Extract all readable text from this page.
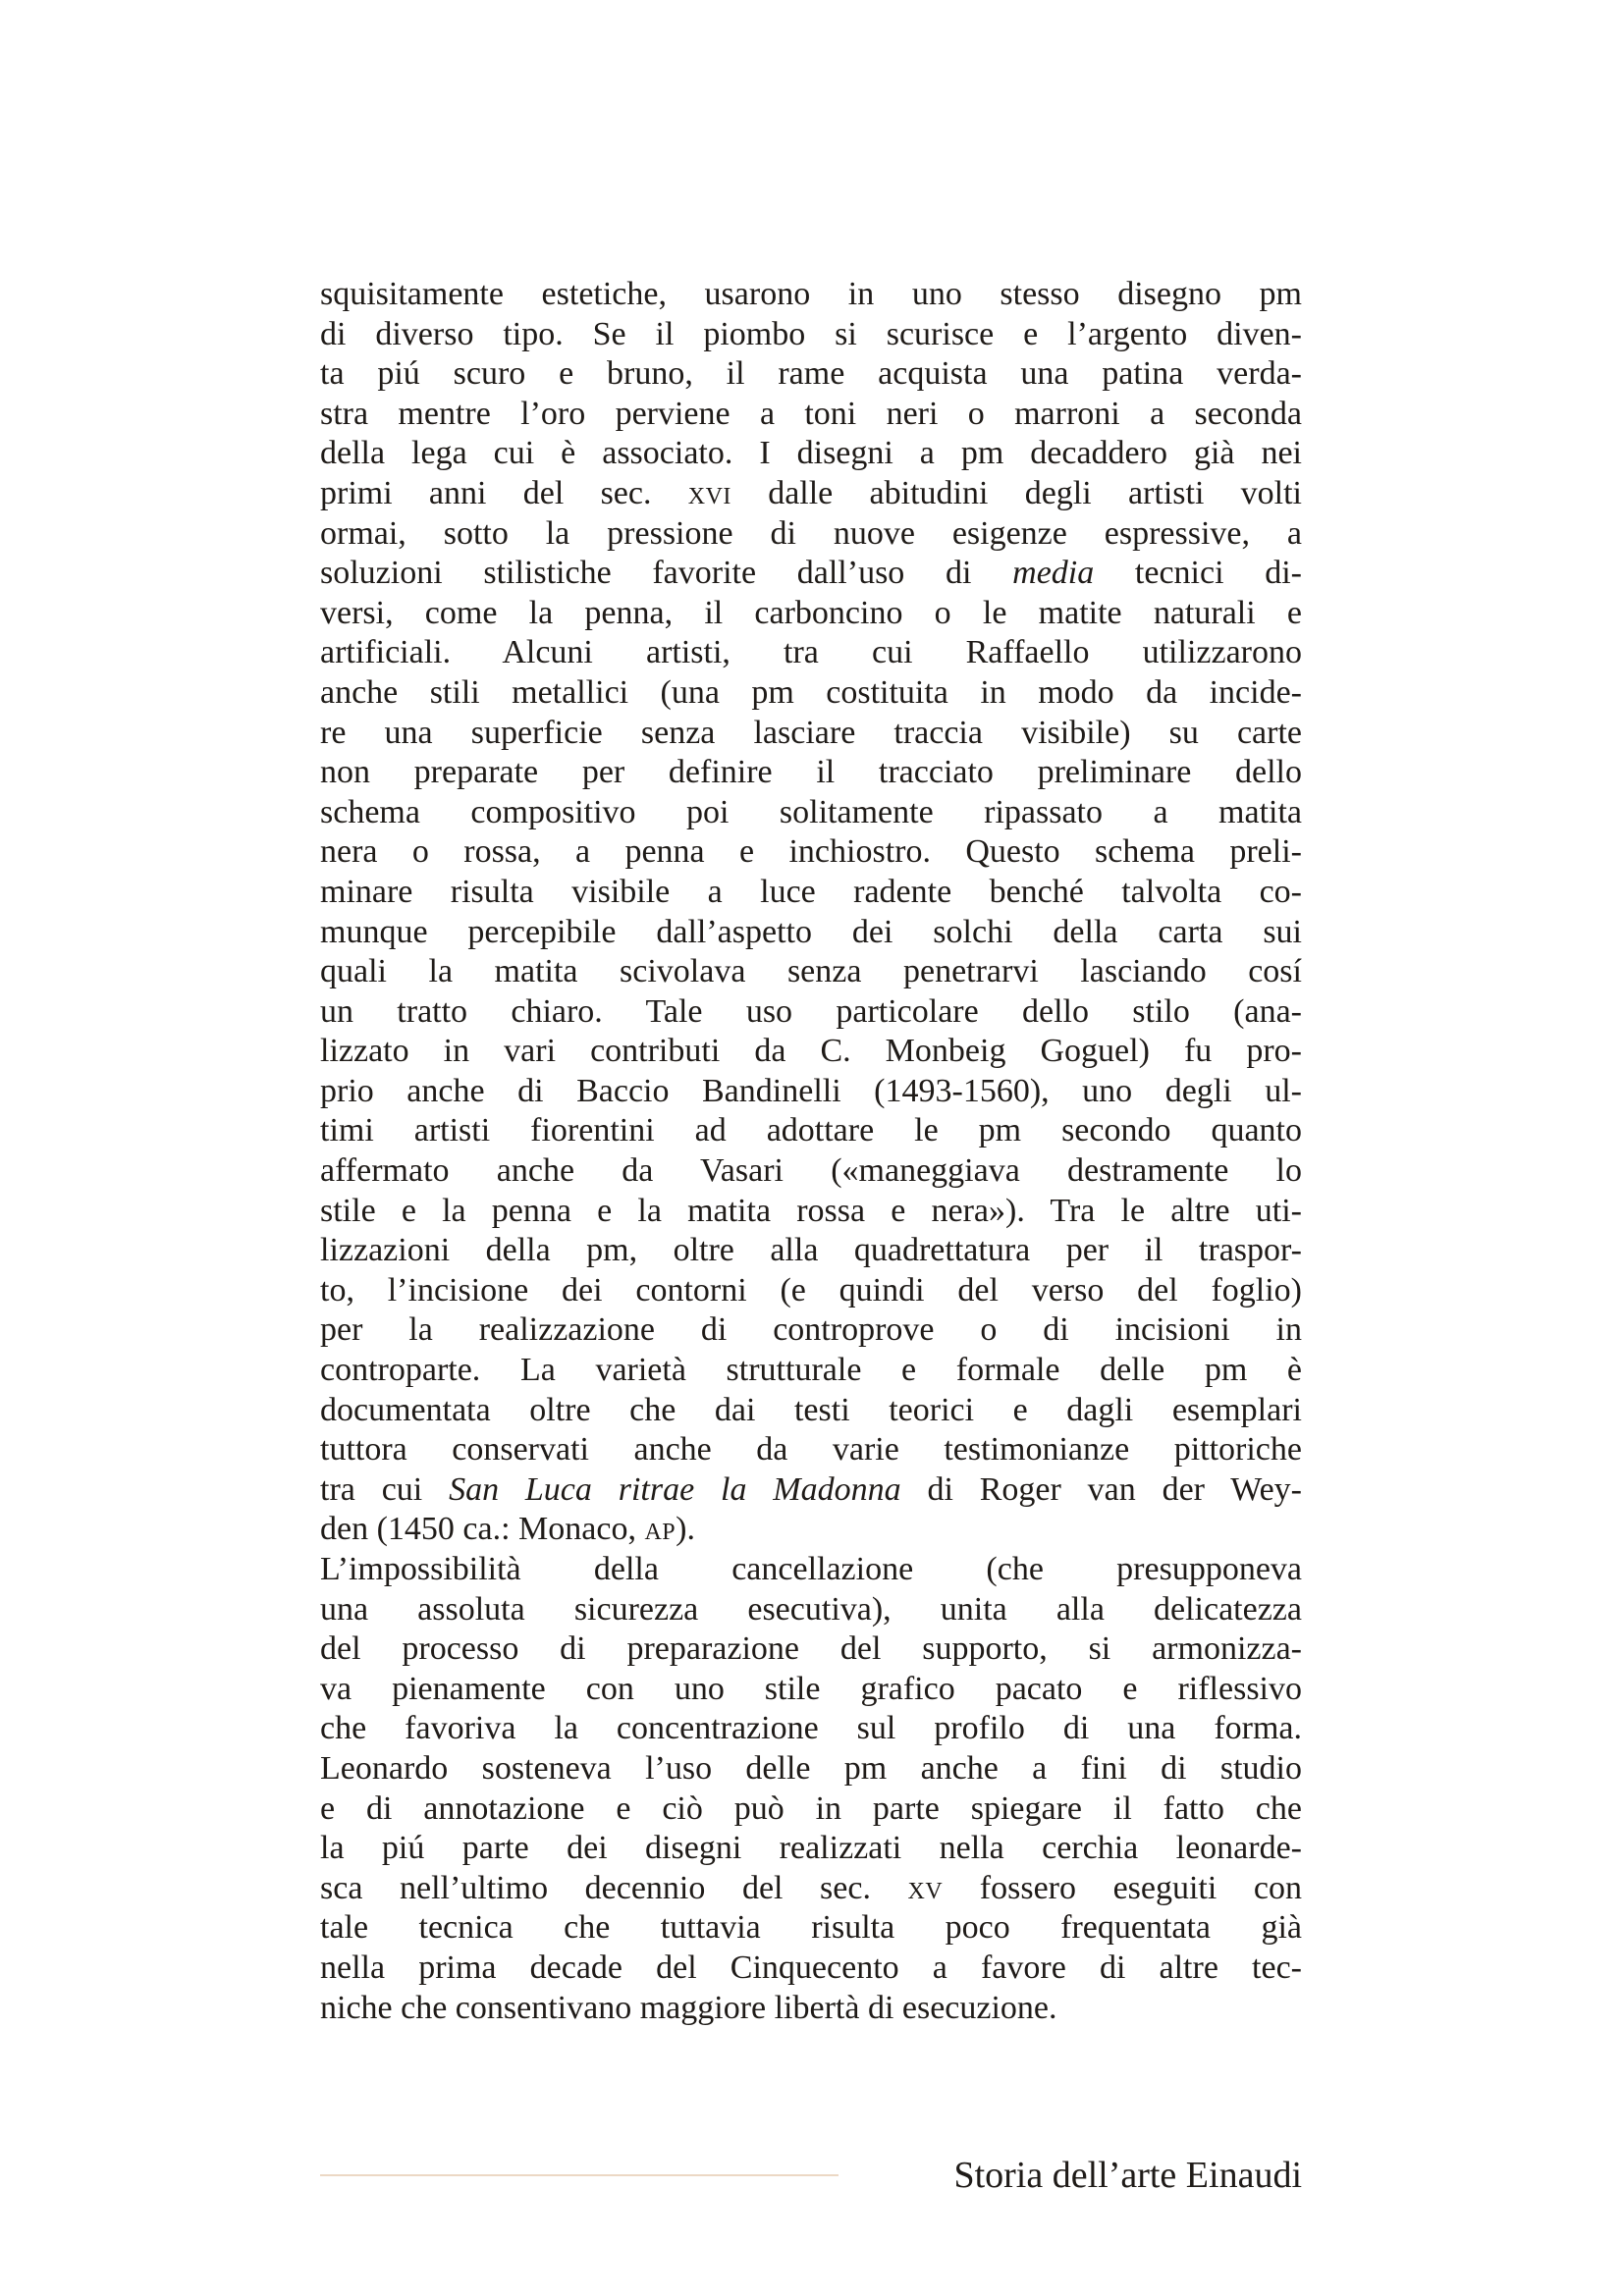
squisitamente estetiche, usarono in uno stesso disegno pm
di diverso tipo. Se il piombo si scurisce e l’argento diven-
ta piú scuro e bruno, il rame acquista una patina verda-
stra mentre l’oro perviene a toni neri o marroni a seconda
della lega cui è associato. I disegni a pm decaddero già nei
primi anni del sec. xvi dalle abitudini degli artisti volti
ormai, sotto la pressione di nuove esigenze espressive, a
soluzioni stilistiche favorite dall’uso di media tecnici di-
versi, come la penna, il carboncino o le matite naturali e
artificiali. Alcuni artisti, tra cui Raffaello utilizzarono
anche stili metallici (una pm costituita in modo da incide-
re una superficie senza lasciare traccia visibile) su carte
non preparate per definire il tracciato preliminare dello
schema compositivo poi solitamente ripassato a matita
nera o rossa, a penna e inchiostro. Questo schema preli-
minare risulta visibile a luce radente benché talvolta co-
munque percepibile dall’aspetto dei solchi della carta sui
quali la matita scivolava senza penetrarvi lasciando cosí
un tratto chiaro. Tale uso particolare dello stilo (ana-
lizzato in vari contributi da C. Monbeig Goguel) fu pro-
prio anche di Baccio Bandinelli (1493-1560), uno degli ul-
timi artisti fiorentini ad adottare le pm secondo quanto
affermato anche da Vasari («maneggiava destramente lo
stile e la penna e la matita rossa e nera»). Tra le altre uti-
lizzazioni della pm, oltre alla quadrettatura per il traspor-
to, l’incisione dei contorni (e quindi del verso del foglio)
per la realizzazione di controprove o di incisioni in
controparte. La varietà strutturale e formale delle pm è
documentata oltre che dai testi teorici e dagli esemplari
tuttora conservati anche da varie testimonianze pittoriche
tra cui San Luca ritrae la Madonna di Roger van der Wey-
den (1450 ca.: Monaco, ap).
L’impossibilità della cancellazione (che presupponeva
una assoluta sicurezza esecutiva), unita alla delicatezza
del processo di preparazione del supporto, si armonizza-
va pienamente con uno stile grafico pacato e riflessivo
che favoriva la concentrazione sul profilo di una forma.
Leonardo sosteneva l’uso delle pm anche a fini di studio
e di annotazione e ciò può in parte spiegare il fatto che
la piú parte dei disegni realizzati nella cerchia leonarde-
sca nell’ultimo decennio del sec. xv fossero eseguiti con
tale tecnica che tuttavia risulta poco frequentata già
nella prima decade del Cinquecento a favore di altre tec-
niche che consentivano maggiore libertà di esecuzione.
Storia dell’arte Einaudi
